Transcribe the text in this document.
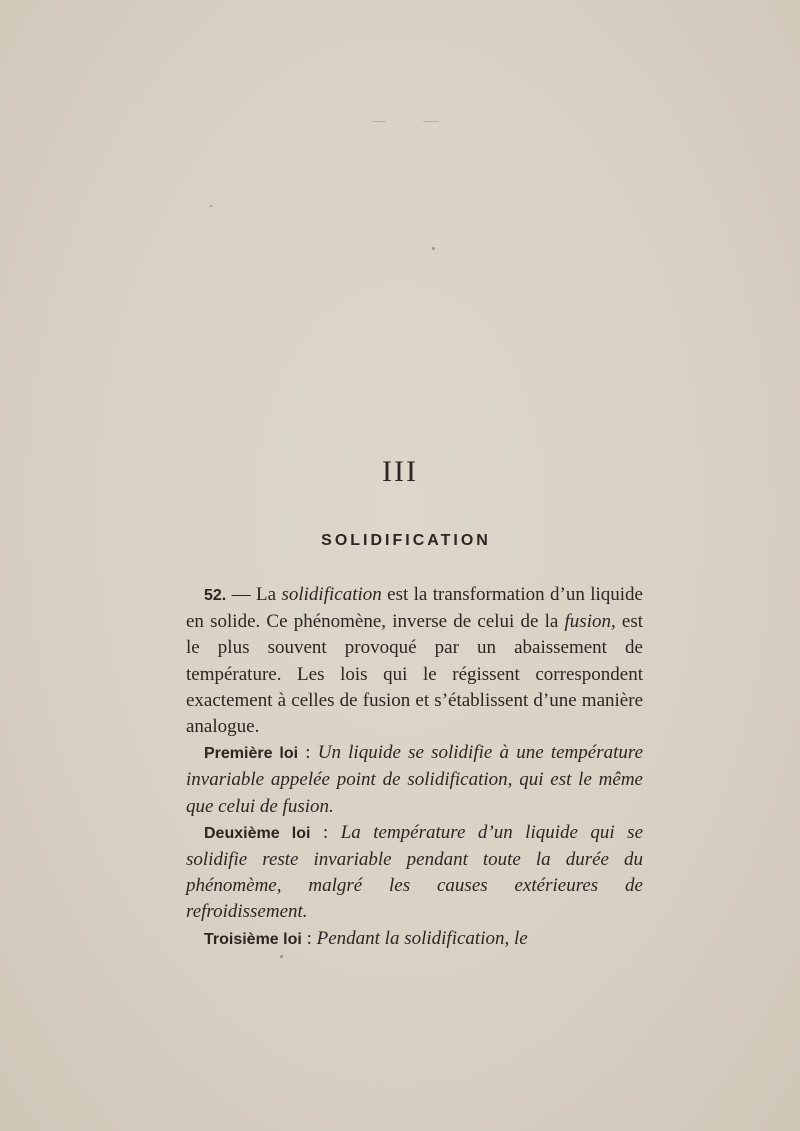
III
SOLIDIFICATION

52. — La solidification est la transformation d’un liquide en solide. Ce phénomène, inverse de celui de la fusion, est le plus souvent provoqué par un abaissement de température. Les lois qui le régissent correspondent exactement à celles de fusion et s’établissent d’une manière analogue.

Première loi : Un liquide se solidifie à une température invariable appelée point de solidification, qui est le même que celui de fusion.

Deuxième loi : La température d’un liquide qui se solidifie reste invariable pendant toute la durée du phénomème, malgré les causes extérieures de refroidissement.

Troisième loi : Pendant la solidification, le
